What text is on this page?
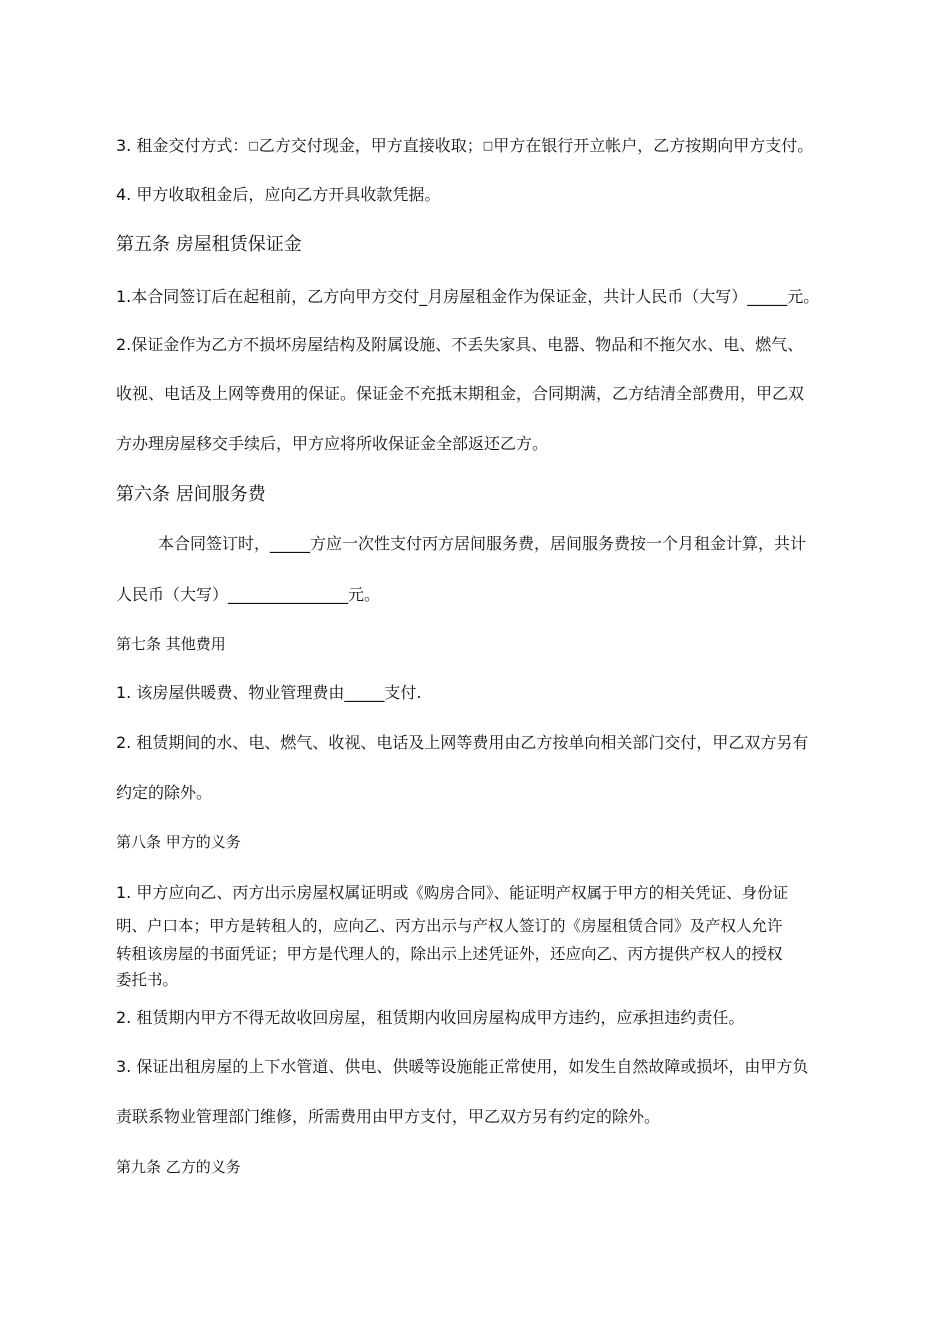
3. 租金交付方式：□乙方交付现金，甲方直接收取；□甲方在银行开立帐户，乙方按期向甲方支付。

4. 甲方收取租金后，应向乙方开具收款凭据。

第五条 房屋租赁保证金

1.本合同签订后在起租前，乙方向甲方交付_月房屋租金作为保证金，共计人民币（大写）_____元。

2.保证金作为乙方不损坏房屋结构及附属设施、不丢失家具、电器、物品和不拖欠水、电、燃气、

收视、电话及上网等费用的保证。保证金不充抵末期租金，合同期满，乙方结清全部费用，甲乙双

方办理房屋移交手续后，甲方应将所收保证金全部返还乙方。

第六条 居间服务费

本合同签订时，_____方应一次性支付丙方居间服务费，居间服务费按一个月租金计算，共计

人民币（大写）_______________元。

第七条 其他费用

1. 该房屋供暖费、物业管理费由_____支付.

2. 租赁期间的水、电、燃气、收视、电话及上网等费用由乙方按单向相关部门交付，甲乙双方另有

约定的除外。

第八条 甲方的义务

1. 甲方应向乙、丙方出示房屋权属证明或《购房合同》、能证明产权属于甲方的相关凭证、身份证

明、户口本；甲方是转租人的，应向乙、丙方出示与产权人签订的《房屋租赁合同》及产权人允许

转租该房屋的书面凭证；甲方是代理人的，除出示上述凭证外，还应向乙、丙方提供产权人的授权

委托书。

2. 租赁期内甲方不得无故收回房屋，租赁期内收回房屋构成甲方违约，应承担违约责任。

3. 保证出租房屋的上下水管道、供电、供暖等设施能正常使用，如发生自然故障或损坏，由甲方负

责联系物业管理部门维修，所需费用由甲方支付，甲乙双方另有约定的除外。

第九条 乙方的义务
